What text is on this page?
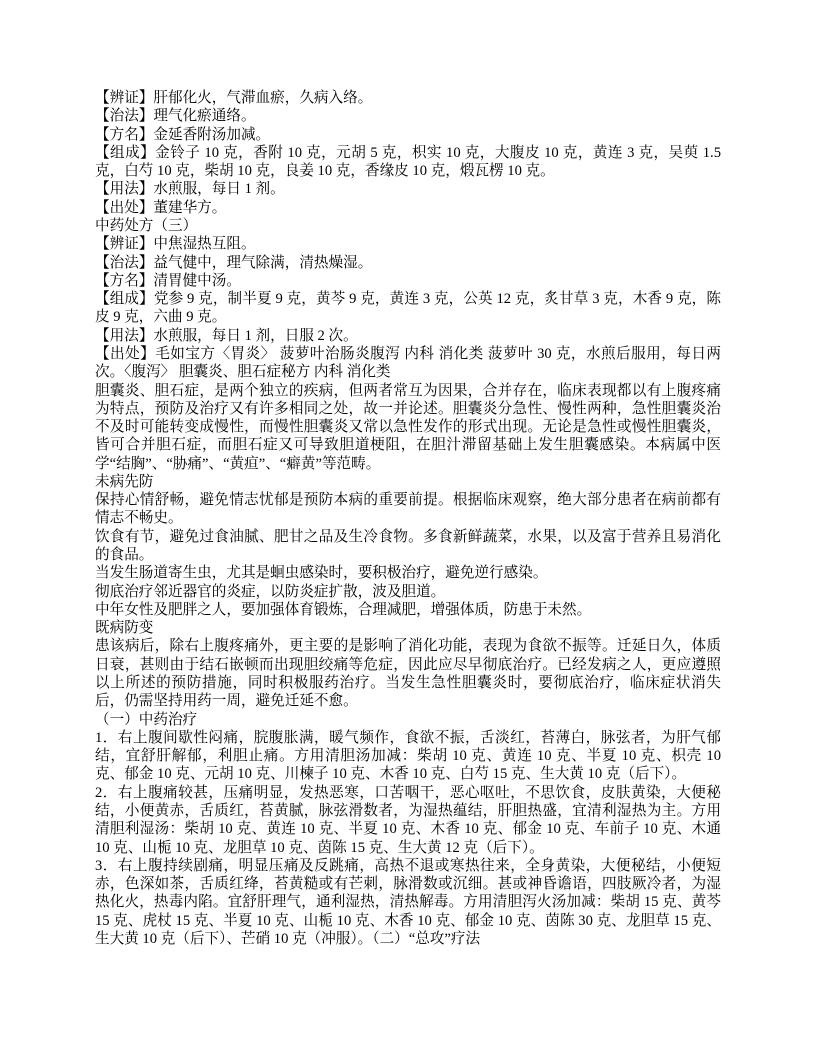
【辨证】肝郁化火，气滞血瘀，久病入络。

【治法】理气化瘀通络。

【方名】金延香附汤加减。

【组成】金铃子 10 克，香附 10 克，元胡 5 克，枳实 10 克，大腹皮 10 克，黄连 3 克，吴萸 1.5 克，白芍 10 克，柴胡 10 克，良姜 10 克，香缘皮 10 克，煅瓦楞 10 克。

【用法】水煎服，每日 1 剂。

【出处】董建华方。

中药处方（三）

【辨证】中焦湿热互阻。

【治法】益气健中，理气除满，清热燥湿。

【方名】清胃健中汤。

【组成】党参 9 克，制半夏 9 克，黄芩 9 克，黄连 3 克，公英 12 克，炙甘草 3 克，木香 9 克，陈皮 9 克，六曲 9 克。

【用法】水煎服，每日 1 剂，日服 2 次。

【出处】毛如宝方〈胃炎〉 菠萝叶治肠炎腹泻 内科 消化类 菠萝叶 30 克，水煎后服用，每日两次。〈腹泻〉 胆囊炎、胆石症秘方 内科 消化类

胆囊炎、胆石症，是两个独立的疾病，但两者常互为因果，合并存在，临床表现都以有上腹疼痛为特点，预防及治疗又有许多相同之处，故一并论述。胆囊炎分急性、慢性两种，急性胆囊炎治不及时可能转变成慢性，而慢性胆囊炎又常以急性发作的形式出现。无论是急性或慢性胆囊炎，皆可合并胆石症，而胆石症又可导致胆道梗阻，在胆汁滞留基础上发生胆囊感染。本病属中医学“结胸”、“胁痛”、“黄疸”、“癖黄”等范畴。

未病先防

保持心情舒畅，避免情志忧郁是预防本病的重要前提。根据临床观察，绝大部分患者在病前都有情志不畅史。

饮食有节，避免过食油腻、肥甘之品及生冷食物。多食新鲜蔬菜，水果，以及富于营养且易消化的食品。

当发生肠道寄生虫，尤其是蛔虫感染时，要积极治疗，避免逆行感染。

彻底治疗邻近器官的炎症，以防炎症扩散，波及胆道。

中年女性及肥胖之人，要加强体育锻炼，合理减肥，增强体质，防患于未然。

既病防变

患该病后，除右上腹疼痛外，更主要的是影响了消化功能，表现为食欲不振等。迁延日久，体质日衰，甚则由于结石嵌顿而出现胆绞痛等危症，因此应尽早彻底治疗。已经发病之人，更应遵照以上所述的预防措施，同时积极服药治疗。当发生急性胆囊炎时，要彻底治疗，临床症状消失后，仍需坚持用药一周，避免迁延不愈。

（一）中药治疗

1．右上腹间歇性闷痛，脘腹胀满，暖气频作，食欲不振，舌淡红，苔薄白，脉弦者，为肝气郁结，宜舒肝解郁，利胆止痛。方用清胆汤加减：柴胡 10 克、黄连 10 克、半夏 10 克、枳壳 10 克、郁金 10 克、元胡 10 克、川楝子 10 克、木香 10 克、白芍 15 克、生大黄 10 克（后下）。

2．右上腹痛较甚，压痛明显，发热恶寒，口苦咽干，恶心呕吐，不思饮食，皮肤黄染，大便秘结，小便黄赤，舌质红，苔黄腻，脉弦滑数者，为湿热蕴结，肝胆热盛，宜清利湿热为主。方用清胆利湿汤：柴胡 10 克、黄连 10 克、半夏 10 克、木香 10 克、郁金 10 克、车前子 10 克、木通 10 克、山栀 10 克、龙胆草 10 克、茵陈 15 克、生大黄 12 克（后下）。

3．右上腹持续剧痛，明显压痛及反跳痛，高热不退或寒热往来，全身黄染，大便秘结，小便短赤，色深如茶，舌质红绛，苔黄糙或有芒刺，脉滑数或沉细。甚或神昏谵语，四肢厥冷者，为湿热化火，热毒内陷。宜舒肝理气，通利湿热，清热解毒。方用清胆泻火汤加减：柴胡 15 克、黄芩 15 克、虎杖 15 克、半夏 10 克、山栀 10 克、木香 10 克、郁金 10 克、茵陈 30 克、龙胆草 15 克、生大黄 10 克（后下）、芒硝 10 克（冲服）。（二）“总攻”疗法
